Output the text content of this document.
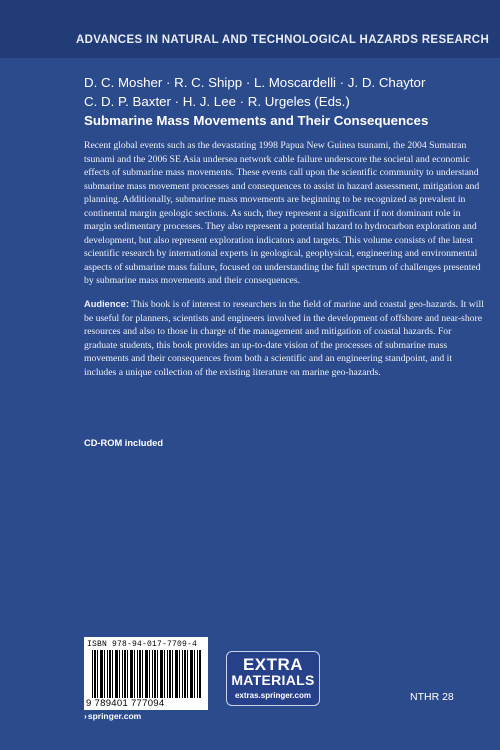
ADVANCES IN NATURAL AND TECHNOLOGICAL HAZARDS RESEARCH
D. C. Mosher · R. C. Shipp · L. Moscardelli · J. D. Chaytor
C. D. P. Baxter · H. J. Lee · R. Urgeles (Eds.)
Submarine Mass Movements and Their Consequences

Recent global events such as the devastating 1998 Papua New Guinea tsunami, the 2004 Sumatran tsunami and the 2006 SE Asia undersea network cable failure underscore the societal and economic effects of submarine mass movements. These events call upon the scientific community to understand submarine mass movement processes and consequences to assist in hazard assessment, mitigation and planning. Additionally, submarine mass movements are beginning to be recognized as prevalent in continental margin geologic sections. As such, they represent a significant if not dominant role in margin sedimentary processes. They also represent a potential hazard to hydrocarbon exploration and development, but also represent exploration indicators and targets. This volume consists of the latest scientific research by international experts in geological, geophysical, engineering and environmental aspects of submarine mass failure, focused on understanding the full spectrum of challenges presented by submarine mass movements and their consequences.

Audience: This book is of interest to researchers in the field of marine and coastal geo-hazards. It will be useful for planners, scientists and engineers involved in the development of offshore and near-shore resources and also to those in charge of the management and mitigation of coastal hazards. For graduate students, this book provides an up-to-date vision of the processes of submarine mass movements and their consequences from both a scientific and an engineering standpoint, and it includes a unique collection of the existing literature on marine geo-hazards.

CD-ROM included
ISBN 978-94-017-7709-4
9 789401 777094
EXTRA
MATERIALS
extras.springer.com	NTHR 28
›springer.com
